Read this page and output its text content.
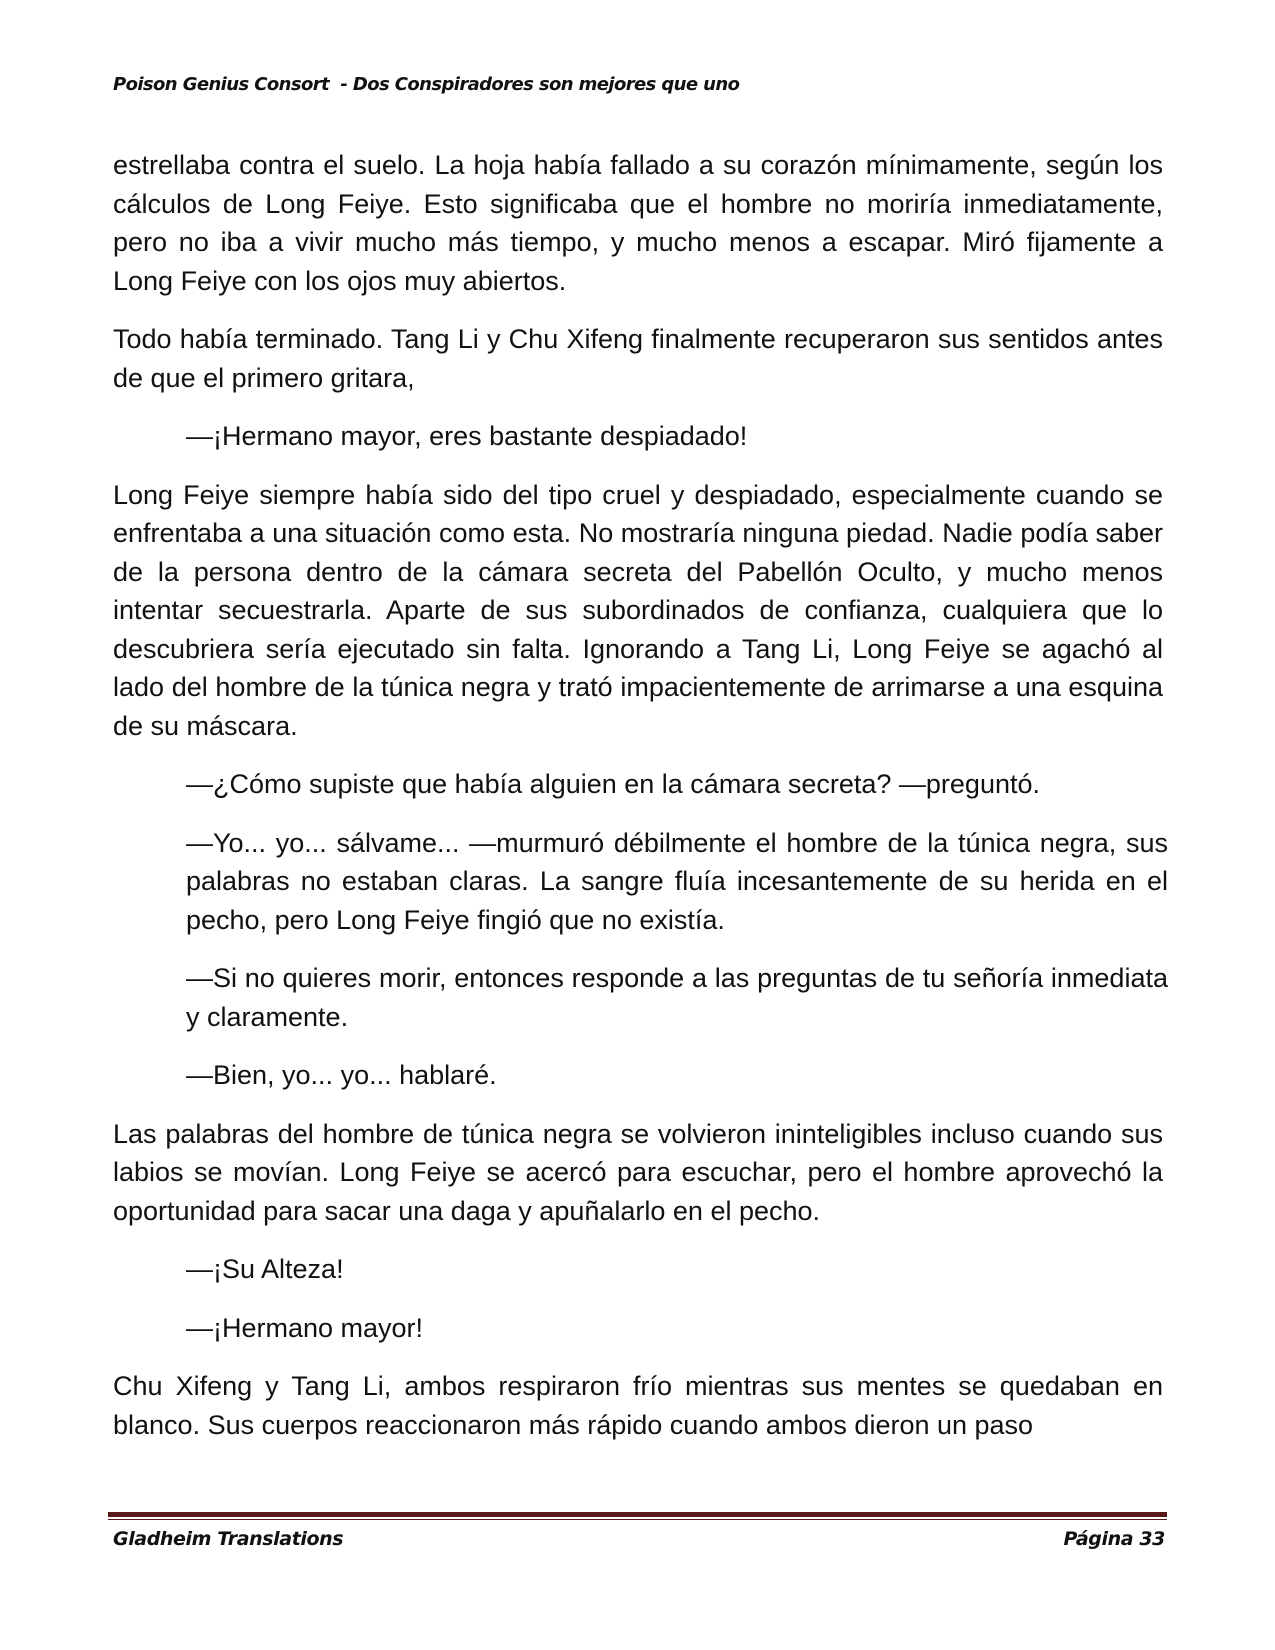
Poison Genius Consort  - Dos Conspiradores son mejores que uno

estrellaba contra el suelo. La hoja había fallado a su corazón mínimamente, según los cálculos de Long Feiye. Esto significaba que el hombre no moriría inmediatamente, pero no iba a vivir mucho más tiempo, y mucho menos a escapar. Miró fijamente a Long Feiye con los ojos muy abiertos.

Todo había terminado. Tang Li y Chu Xifeng finalmente recuperaron sus sentidos antes de que el primero gritara,

—¡Hermano mayor, eres bastante despiadado!

Long Feiye siempre había sido del tipo cruel y despiadado, especialmente cuando se enfrentaba a una situación como esta. No mostraría ninguna piedad. Nadie podía saber de la persona dentro de la cámara secreta del Pabellón Oculto, y mucho menos intentar secuestrarla. Aparte de sus subordinados de confianza, cualquiera que lo descubriera sería ejecutado sin falta. Ignorando a Tang Li, Long Feiye se agachó al lado del hombre de la túnica negra y trató impacientemente de arrimarse a una esquina de su máscara.

—¿Cómo supiste que había alguien en la cámara secreta? —preguntó.

—Yo... yo... sálvame... —murmuró débilmente el hombre de la túnica negra, sus palabras no estaban claras. La sangre fluía incesantemente de su herida en el pecho, pero Long Feiye fingió que no existía.

—Si no quieres morir, entonces responde a las preguntas de tu señoría inmediata y claramente.

—Bien, yo... yo... hablaré.

Las palabras del hombre de túnica negra se volvieron ininteligibles incluso cuando sus labios se movían. Long Feiye se acercó para escuchar, pero el hombre aprovechó la oportunidad para sacar una daga y apuñalarlo en el pecho.

—¡Su Alteza!

—¡Hermano mayor!

Chu Xifeng y Tang Li, ambos respiraron frío mientras sus mentes se quedaban en blanco. Sus cuerpos reaccionaron más rápido cuando ambos dieron un paso

Gladheim Translations	Página 33
